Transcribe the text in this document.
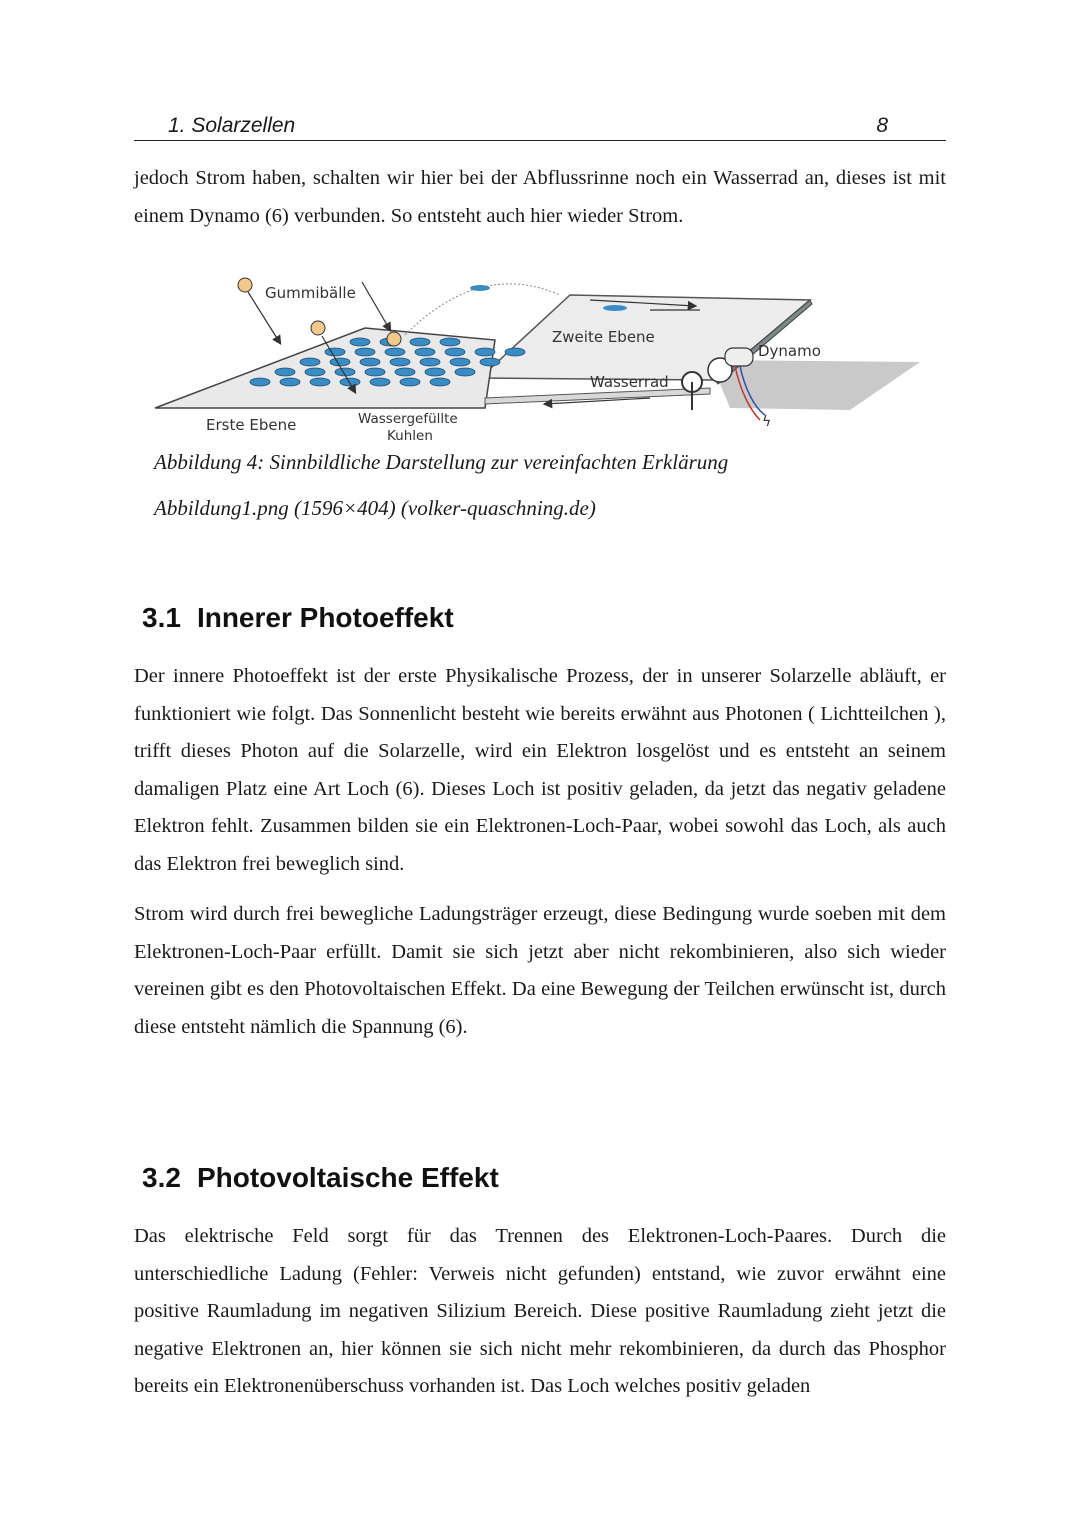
1. Solarzellen	8

jedoch Strom haben, schalten wir hier bei der Abflussrinne noch ein Wasserrad an, dieses ist mit einem Dynamo (6) verbunden. So entsteht auch hier wieder Strom.

ϟ
Gummibälle
Zweite Ebene
Dynamo
Wasserrad
Erste Ebene	Wassergefüllte
Kuhlen
Abbildung 4: Sinnbildliche Darstellung zur vereinfachten Erklärung
Abbildung1.png (1596×404) (volker-quaschning.de)
3.1 Innerer Photoeffekt

Der innere Photoeffekt ist der erste Physikalische Prozess, der in unserer Solarzelle abläuft, er funktioniert wie folgt. Das Sonnenlicht besteht wie bereits erwähnt aus Photonen ( Lichtteilchen ), trifft dieses Photon auf die Solarzelle, wird ein Elektron losgelöst und es entsteht an seinem damaligen Platz eine Art Loch (6). Dieses Loch ist positiv geladen, da jetzt das negativ geladene Elektron fehlt. Zusammen bilden sie ein Elektronen-Loch-Paar, wobei sowohl das Loch, als auch das Elektron frei beweglich sind.

Strom wird durch frei bewegliche Ladungsträger erzeugt, diese Bedingung wurde soeben mit dem Elektronen-Loch-Paar erfüllt. Damit sie sich jetzt aber nicht rekombinieren, also sich wieder vereinen gibt es den Photovoltaischen Effekt. Da eine Bewegung der Teilchen erwünscht ist, durch diese entsteht nämlich die Spannung (6).

3.2 Photovoltaische Effekt

Das elektrische Feld sorgt für das Trennen des Elektronen-Loch-Paares. Durch die unterschiedliche Ladung (Fehler: Verweis nicht gefunden) entstand, wie zuvor erwähnt eine positive Raumladung im negativen Silizium Bereich. Diese positive Raumladung zieht jetzt die negative Elektronen an, hier können sie sich nicht mehr rekombinieren, da durch das Phosphor bereits ein Elektronenüberschuss vorhanden ist. Das Loch welches positiv geladen
